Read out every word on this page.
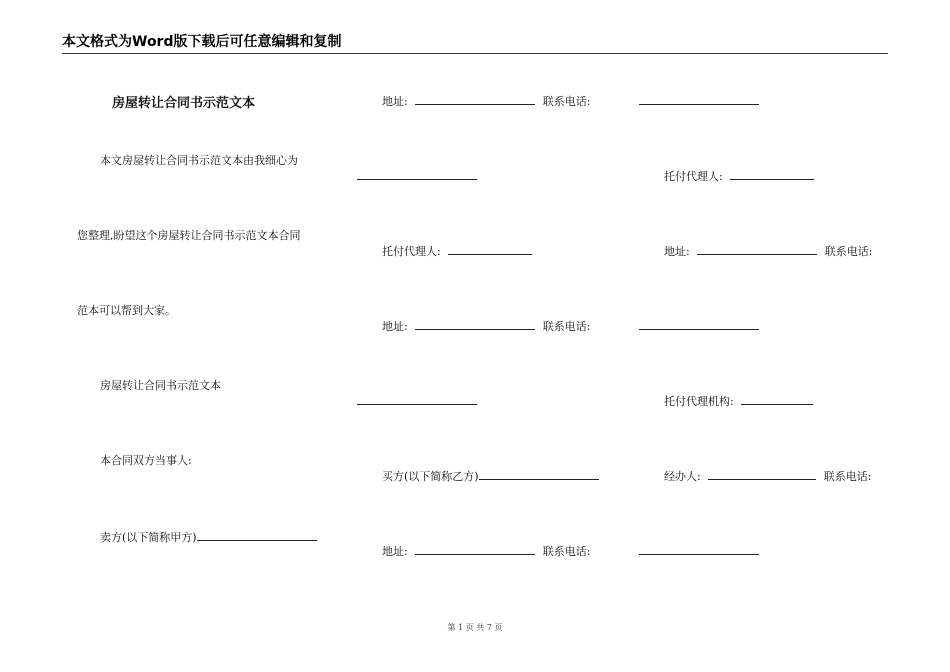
本文格式为Word版下载后可任意编辑和复制
房屋转让合同书示范文本
本文房屋转让合同书示范文本由我细心为
您整理,盼望这个房屋转让合同书示范文本合同
范本可以帮到大家。
房屋转让合同书示范文本
本合同双方当事人:
卖方(以下简称甲方)
地址:	联系电话:
托付代理人:
地址:	联系电话:
买方(以下简称乙方)
地址:	联系电话:
托付代理人:
地址:	联系电话:
托付代理机构:
经办人:	联系电话:
第 1 页 共 7 页
